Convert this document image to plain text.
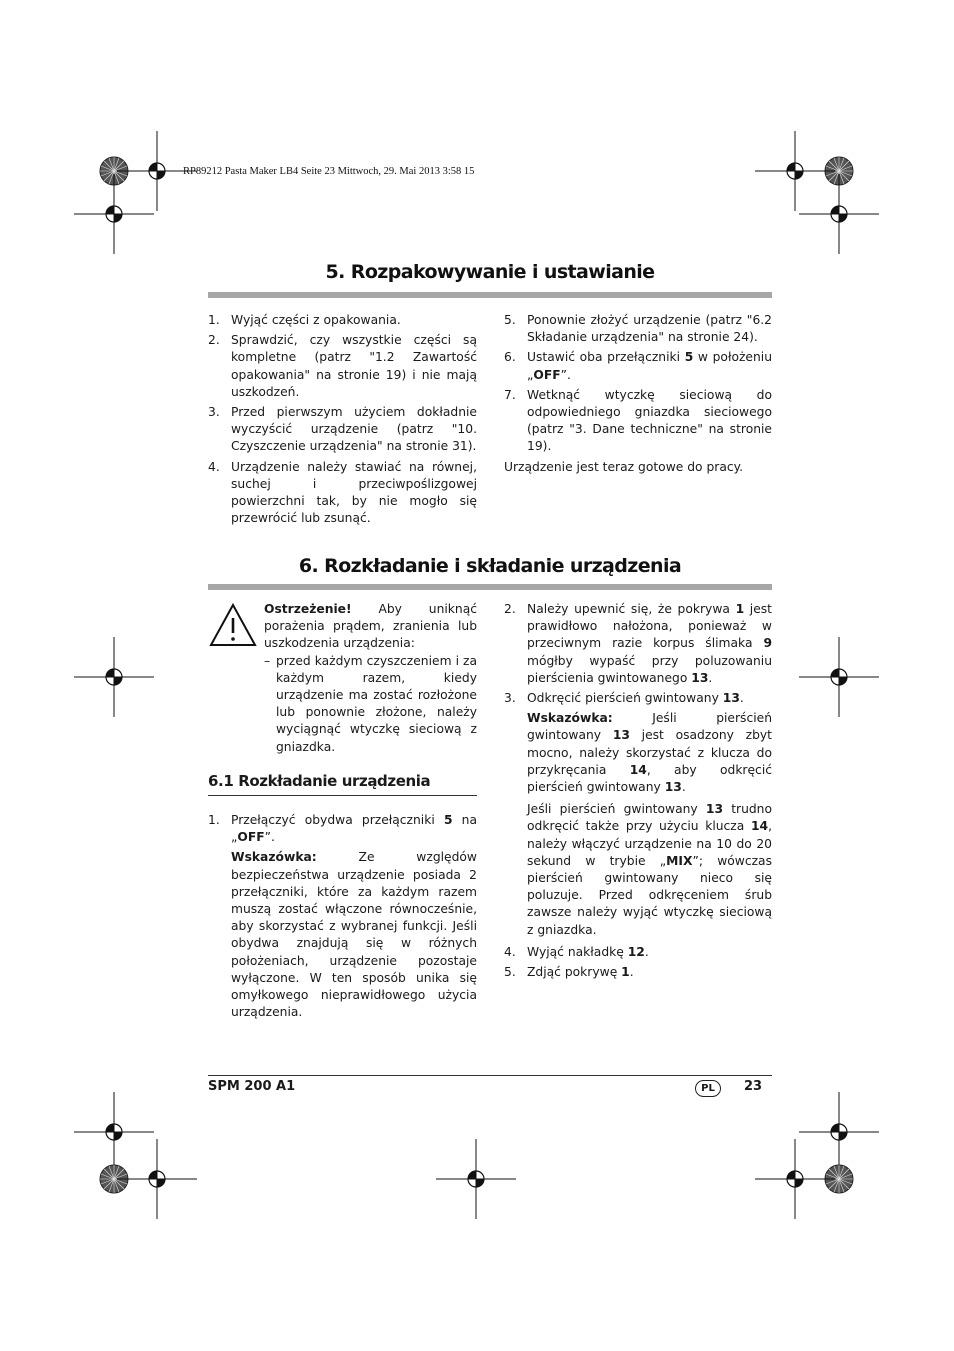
RP89212 Pasta Maker LB4 Seite 23 Mittwoch, 29. Mai 2013 3:58 15
5. Rozpakowywanie i ustawianie
1. Wyjąć części z opakowania.
2. Sprawdzić, czy wszystkie części są kompletne (patrz "1.2 Zawartość opakowania" na stronie 19) i nie mają uszkodzeń.
3. Przed pierwszym użyciem dokładnie wyczyścić urządzenie (patrz "10. Czyszczenie urządzenia" na stronie 31).
4. Urządzenie należy stawiać na równej, suchej i przeciwpoślizgowej powierzchni tak, by nie mogło się przewrócić lub zsunąć.
5. Ponownie złożyć urządzenie (patrz "6.2 Składanie urządzenia" na stronie 24).
6. Ustawić oba przełączniki 5 w położeniu „OFF”.
7. Wetknąć wtyczkę sieciową do odpowiedniego gniazdka sieciowego (patrz "3. Dane techniczne" na stronie 19).
Urządzenie jest teraz gotowe do pracy.
6. Rozkładanie i składanie urządzenia
Ostrzeżenie! Aby uniknąć porażenia prądem, zranienia lub uszkodzenia urządzenia:
– przed każdym czyszczeniem i za każdym razem, kiedy urządzenie ma zostać rozłożone lub ponownie złożone, należy wyciągnąć wtyczkę sieciową z gniazdka.
6.1 Rozkładanie urządzenia
1. Przełączyć obydwa przełączniki 5 na „OFF”.
Wskazówka: Ze względów bezpieczeństwa urządzenie posiada 2 przełączniki, które za każdym razem muszą zostać włączone równocześnie, aby skorzystać z wybranej funkcji. Jeśli obydwa znajdują się w różnych położeniach, urządzenie pozostaje wyłączone. W ten sposób unika się omyłkowego nieprawidłowego użycia urządzenia.
2. Należy upewnić się, że pokrywa 1 jest prawidłowo nałożona, ponieważ w przeciwnym razie korpus ślimaka 9 mógłby wypaść przy poluzowaniu pierścienia gwintowanego 13.
3. Odkręcić pierścień gwintowany 13.
Wskazówka: Jeśli pierścień gwintowany 13 jest osadzony zbyt mocno, należy skorzystać z klucza do przykręcania 14, aby odkręcić pierścień gwintowany 13.
Jeśli pierścień gwintowany 13 trudno odkręcić także przy użyciu klucza 14, należy włączyć urządzenie na 10 do 20 sekund w trybie „MIX”; wówczas pierścień gwintowany nieco się poluzuje. Przed odkręceniem śrub zawsze należy wyjąć wtyczkę sieciową z gniazdka.
4. Wyjąć nakładkę 12.
5. Zdjąć pokrywę 1.
SPM 200 A1	PL	23
